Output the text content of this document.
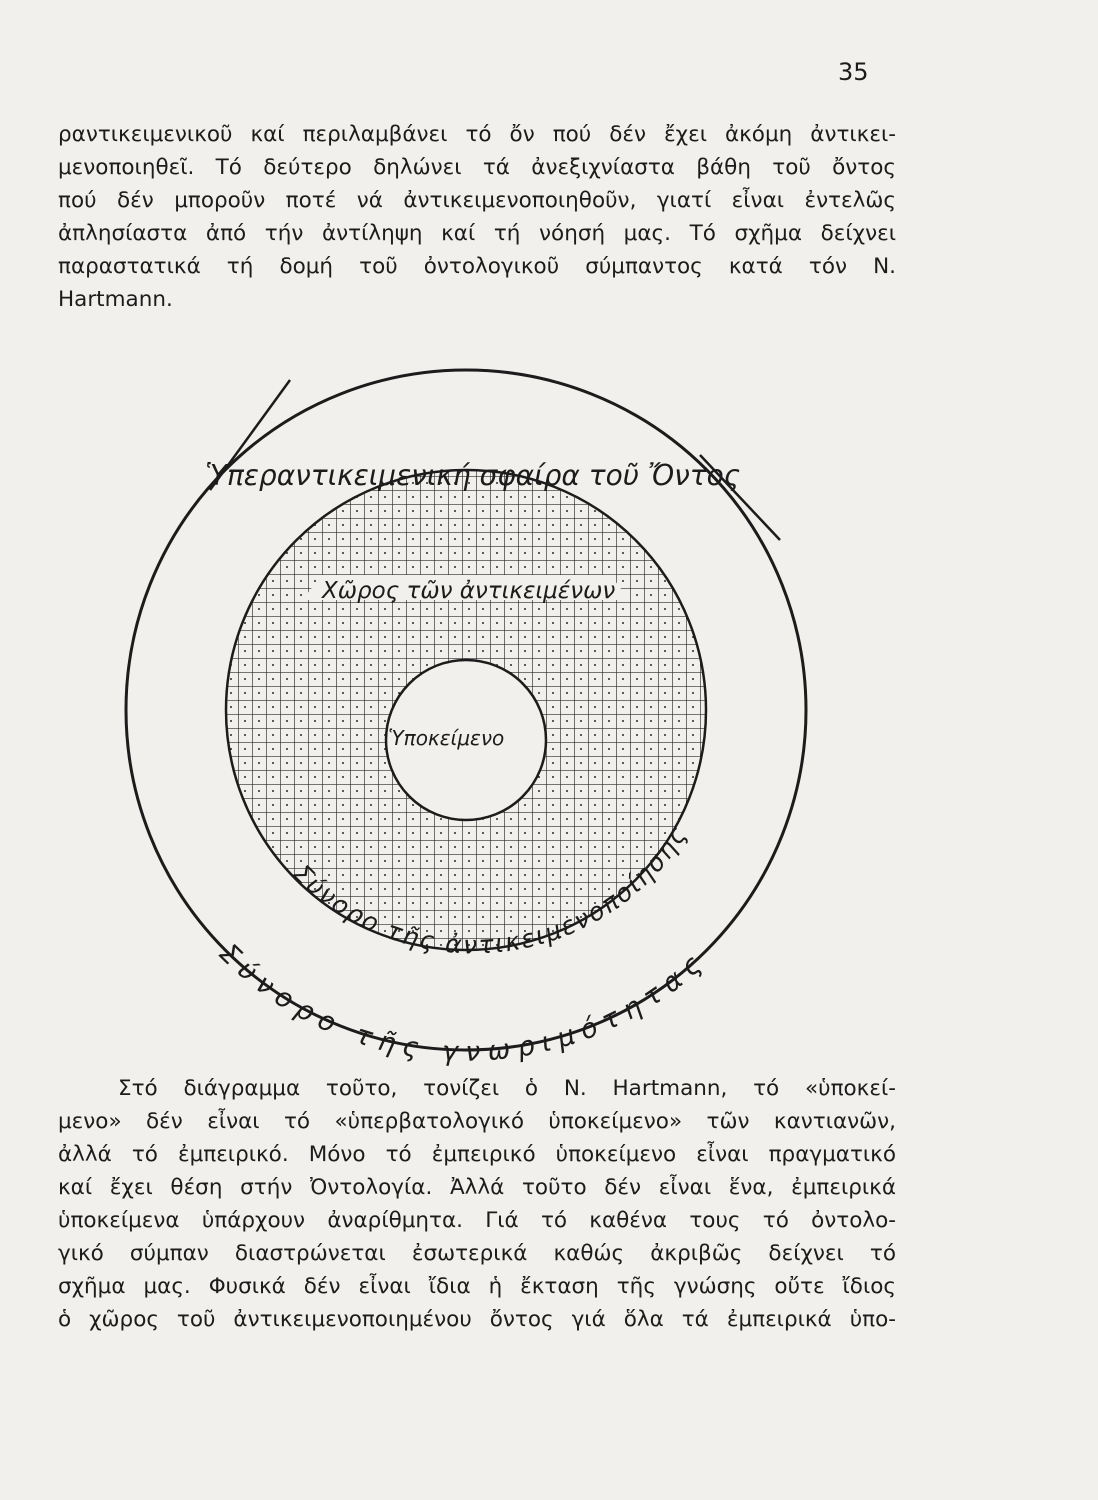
35
ραντικειμενικοῦ καί περιλαμβάνει τό ὄν πού δέν ἔχει ἀκόμη ἀντικει-
μενοποιηθεῖ. Τό δεύτερο δηλώνει τά ἀνεξιχνίαστα βάθη τοῦ ὄντος
πού δέν μποροῦν ποτέ νά ἀντικειμενοποιηθοῦν, γιατί εἶναι ἐντελῶς
ἀπλησίαστα ἀπό τήν ἀντίληψη καί τή νόησή μας. Τό σχῆμα δείχνει
παραστατικά τή δομή τοῦ ὀντολογικοῦ σύμπαντος κατά τόν Ν.
Hartmann.
Ὑπεραντικειμενική σφαίρα τοῦ Ὄντος
Χῶρος τῶν ἀντικειμένων
Ὑποκείμενο
Σύνορο τῆς ἀντικειμενοποίησης
Σύνορο τῆς γνωριμότητας
Στό διάγραμμα τοῦτο, τονίζει ὁ Ν. Hartmann, τό «ὑποκεί-
μενο» δέν εἶναι τό «ὑπερβατολογικό ὑποκείμενο» τῶν καντιανῶν,
ἀλλά τό ἐμπειρικό. Μόνο τό ἐμπειρικό ὑποκείμενο εἶναι πραγματικό
καί ἔχει θέση στήν Ὀντολογία. Ἀλλά τοῦτο δέν εἶναι ἕνα, ἐμπειρικά
ὑποκείμενα ὑπάρχουν ἀναρίθμητα. Γιά τό καθένα τους τό ὀντολο-
γικό σύμπαν διαστρώνεται ἐσωτερικά καθώς ἀκριβῶς δείχνει τό
σχῆμα μας. Φυσικά δέν εἶναι ἴδια ἡ ἔκταση τῆς γνώσης οὔτε ἴδιος
ὁ χῶρος τοῦ ἀντικειμενοποιημένου ὄντος γιά ὅλα τά ἐμπειρικά ὑπο-
